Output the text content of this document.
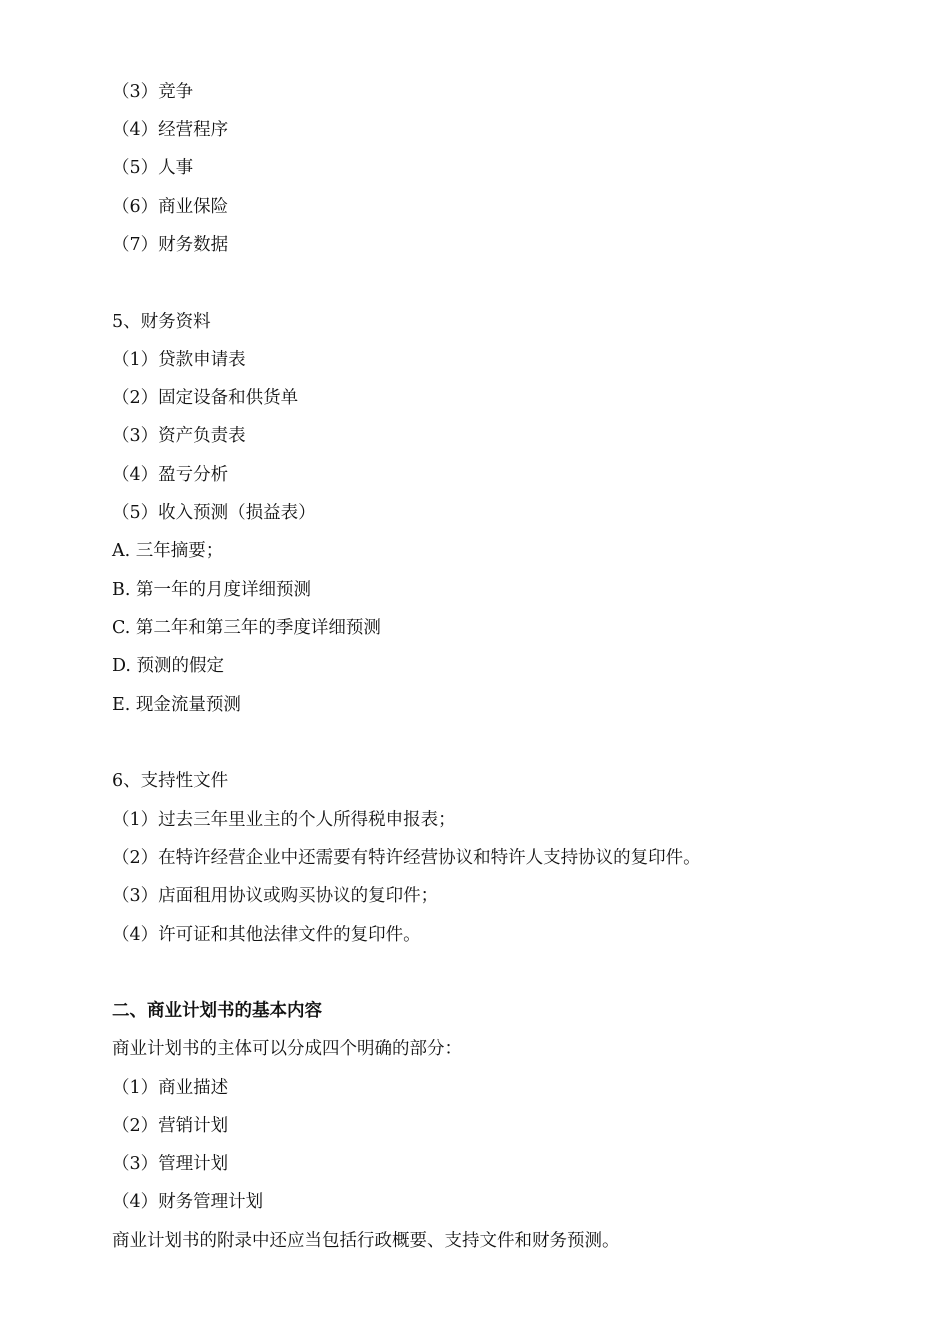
（3）竞争
（4）经营程序
（5）人事
（6）商业保险
（7）财务数据
5、财务资料
（1）贷款申请表
（2）固定设备和供货单
（3）资产负责表
（4）盈亏分析
（5）收入预测（损益表）
A. 三年摘要；
B. 第一年的月度详细预测
C. 第二年和第三年的季度详细预测
D. 预测的假定
E. 现金流量预测
6、支持性文件
（1）过去三年里业主的个人所得税申报表；
（2）在特许经营企业中还需要有特许经营协议和特许人支持协议的复印件。
（3）店面租用协议或购买协议的复印件；
（4）许可证和其他法律文件的复印件。
二、商业计划书的基本内容
商业计划书的主体可以分成四个明确的部分：
（1）商业描述
（2）营销计划
（3）管理计划
（4）财务管理计划
商业计划书的附录中还应当包括行政概要、支持文件和财务预测。
